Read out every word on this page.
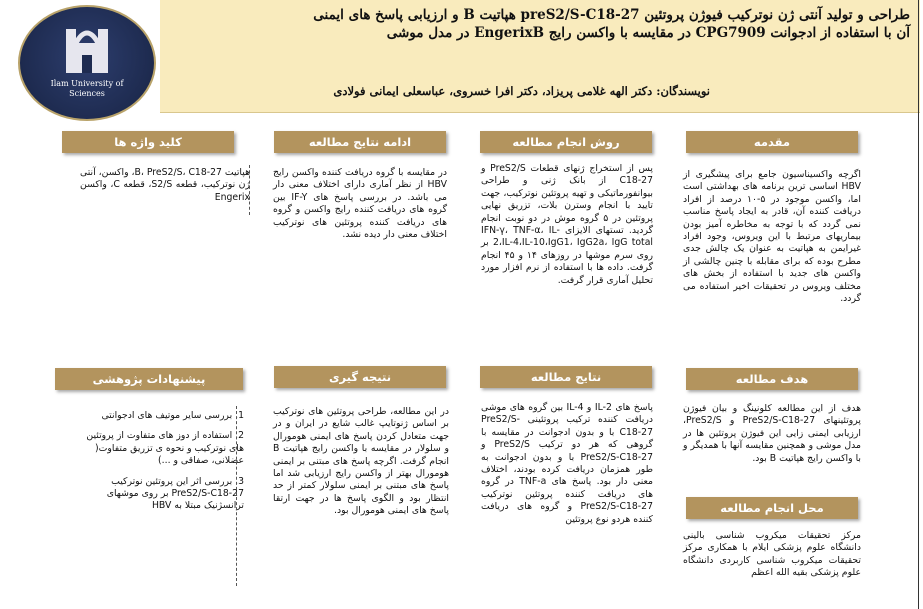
Ilam University of
Sciences
طراحی و تولید آنتی ژن نوترکیب فیوژن پروتئین preS2/S-C18-27 هپاتیت B و ارزیابی پاسخ های ایمنی
آن با استفاده از ادجوانت CPG7909 در مقایسه با واکسن رایج EngerixB در مدل موشی
نویسندگان: دکتر الهه غلامی پریزاد، دکتر افرا خسروی، عباسعلی ایمانی فولادی
مقدمه
اگرچه واکسیناسیون جامع برای پیشگیری از HBV اساسی ترین برنامه های بهداشتی است اما، واکسن موجود در ۵-۱۰ درصد از افراد دریافت کننده آن، قادر به ایجاد پاسخ مناسب نمی گردد که با توجه به مخاطره آمیز بودن بیماریهای مرتبط با این ویروس، وجود افراد غیرایمن به هپاتیت به عنوان یک چالش جدی مطرح بوده که برای مقابله با چنین چالشی از واکسن های جدید با استفاده از بخش های مختلف ویروس در تحقیقات اخیر استفاده می گردد.
روش انجام مطالعه
پس از استخراج ژنهای قطعات PreS2/S و C18-27 از بانک ژنی و طراحی بیوانفورماتیکی و تهیه پروتئین نوترکیب، جهت تایید با انجام وسترن بلات، تزریق نهایی پروتئین در ۵ گروه موش در دو نوبت انجام گردید. تستهای الایزای IFN-γ، TNF-α، IL-2،IL-4،IL-10،IgG1، IgG2a، IgG total بر روی سرم موشها در روزهای ۱۴ و ۴۵ انجام گرفت. داده ها با استفاده از نرم افزار مورد تحلیل آماری قرار گرفت.
ادامه نتایج مطالعه
در مقایسه با گروه دریافت کننده واکسن رایج HBV از نظر آماری دارای اختلاف معنی دار می باشد. در بررسی پاسخ های IF-Y بین گروه های دریافت کننده رایج واکسن و گروه های دریافت کننده پروتئین های نوترکیب اختلاف معنی دار دیده نشد.
کلید واژه ها
هپاتیت B، PreS2/S، C18-27، واکسن، آنتی ژن نوترکیب، قطعه S2/S، قطعه C، واکسن Engerix
هدف مطالعه
هدف از این مطالعه کلونینگ و بیان فیوژن پروتئینهای PreS2/S-C18-27 و PreS2/S، ارزیابی ایمنی زایی این فیوژن پروتئین ها در مدل موشی و همچنین مقایسه آنها با همدیگر و با واکسن رایج هپاتیت B بود.
محل انجام مطالعه
مرکز تحقیقات میکروب شناسی بالینی دانشگاه علوم پزشکی ایلام با همکاری مرکز تحقیقات میکروب شناسی کاربردی دانشگاه علوم پزشکی بقیه الله اعظم
نتایج مطالعه
پاسخ های IL-2 و IL-4 بین گروه های موشی دریافت کننده ترکیب پروتئینی PreS2/S-C18-27 با و بدون ادجوانت در مقایسه با گروهی که هر دو ترکیب PreS2/S و PreS2/S-C18-27 با و بدون ادجوانت به طور همزمان دریافت کرده بودند، اختلاف معنی دار بود. پاسخ های TNF-a در گروه های دریافت کننده پروتئین نوترکیب PreS2/S-C18-27 و گروه های دریافت کننده هردو نوع پروتئین
نتیجه گیری
در این مطالعه، طراحی پروتئین های نوترکیب بر اساس ژنوتایپ غالب شایع در ایران و در جهت متعادل کردن پاسخ های ایمنی هومورال و سلولار در مقایسه با واکسن رایج هپاتیت B انجام گرفت. اگرچه پاسخ های مبتنی بر ایمنی هومورال بهتر از واکسن رایج ارزیابی شد اما پاسخ های مبتنی بر ایمنی سلولار کمتر از حد انتظار بود و الگوی پاسخ ها در جهت ارتقا پاسخ های ایمنی هومورال بود.
پیشنهادات پژوهشی
1. بررسی سایر موتیف های ادجوانتی
2. استفاده از دوز های متفاوت از پروتئین های نوترکیب و نحوه ی تزریق متفاوت( عضلانی، صفاقی و ...)
3. بررسی اثر این پروتئین نوترکیب PreS2/S-C18-27 بر روی موشهای ترانسژنیک مبتلا به HBV
